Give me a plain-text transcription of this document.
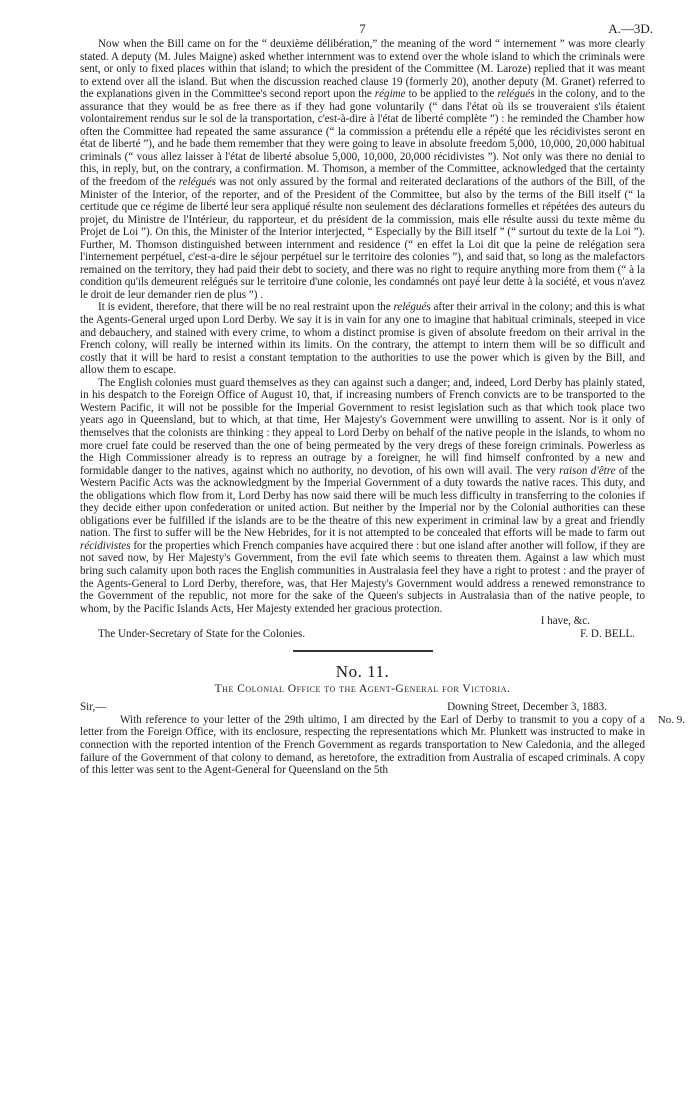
7	A.—3D.

Now when the Bill came on for the “ deuxième délibération,” the meaning of the word “ internement ” was more clearly stated. A deputy (M. Jules Maigne) asked whether internment was to extend over the whole island to which the criminals were sent, or only to fixed places within that island; to which the president of the Committee (M. Laroze) replied that it was meant to extend over all the island. But when the discussion reached clause 19 (formerly 20), another deputy (M. Granet) referred to the explanations given in the Committee's second report upon the régime to be applied to the relégués in the colony, and to the assurance that they would be as free there as if they had gone voluntarily (“ dans l'état où ils se trouveraient s'ils étaient volontairement rendus sur le sol de la transportation, c'est-à-dire à l'état de liberté complète ”) : he reminded the Chamber how often the Committee had repeated the same assurance (“ la commission a prétendu elle a répété que les récidivistes seront en état de liberté ”), and he bade them remember that they were going to leave in absolute freedom 5,000, 10,000, 20,000 habitual criminals (“ vous allez laisser à l'état de liberté absolue 5,000, 10,000, 20,000 récidivistes ”). Not only was there no denial to this, in reply, but, on the contrary, a confirmation. M. Thomson, a member of the Committee, acknowledged that the certainty of the freedom of the relégués was not only assured by the formal and reiterated declarations of the authors of the Bill, of the Minister of the Interior, of the reporter, and of the President of the Committee, but also by the terms of the Bill itself (“ la certitude que ce régime de liberté leur sera appliqué résulte non seulement des déclarations formelles et répétées des auteurs du projet, du Ministre de l'Intérieur, du rapporteur, et du président de la commission, mais elle résulte aussi du texte même du Projet de Loi ”). On this, the Minister of the Interior interjected, “ Especially by the Bill itself ” (“ surtout du texte de la Loi ”). Further, M. Thomson distinguished between internment and residence (“ en effet la Loi dit que la peine de relégation sera l'internement perpétuel, c'est-a-dire le séjour perpétuel sur le territoire des colonies ”), and said that, so long as the malefactors remained on the territory, they had paid their debt to society, and there was no right to require anything more from them (“ à la condition qu'ils demeurent relégués sur le territoire d'une colonie, les condamnés ont payé leur dette à la société, et vous n'avez le droit de leur demander rien de plus ”) .

It is evident, therefore, that there will be no real restraint upon the relégués after their arrival in the colony; and this is what the Agents-General urged upon Lord Derby. We say it is in vain for any one to imagine that habitual criminals, steeped in vice and debauchery, and stained with every crime, to whom a distinct promise is given of absolute freedom on their arrival in the French colony, will really be interned within its limits. On the contrary, the attempt to intern them will be so difficult and costly that it will be hard to resist a constant temptation to the authorities to use the power which is given by the Bill, and allow them to escape.

The English colonies must guard themselves as they can against such a danger; and, indeed, Lord Derby has plainly stated, in his despatch to the Foreign Office of August 10, that, if increasing numbers of French convicts are to be transported to the Western Pacific, it will not be possible for the Imperial Government to resist legislation such as that which took place two years ago in Queensland, but to which, at that time, Her Majesty's Government were unwilling to assent. Nor is it only of themselves that the colonists are thinking : they appeal to Lord Derby on behalf of the native people in the islands, to whom no more cruel fate could be reserved than the one of being permeated by the very dregs of these foreign criminals. Powerless as the High Commissioner already is to repress an outrage by a foreigner, he will find himself confronted by a new and formidable danger to the natives, against which no authority, no devotion, of his own will avail. The very raison d'être of the Western Pacific Acts was the acknowledgment by the Imperial Government of a duty towards the native races. This duty, and the obligations which flow from it, Lord Derby has now said there will be much less difficulty in transferring to the colonies if they decide either upon confederation or united action. But neither by the Imperial nor by the Colonial authorities can these obligations ever be fulfilled if the islands are to be the theatre of this new experiment in criminal law by a great and friendly nation. The first to suffer will be the New Hebrides, for it is not attempted to be concealed that efforts will be made to farm out récidivistes for the properties which French companies have acquired there : but one island after another will follow, if they are not saved now, by Her Majesty's Government, from the evil fate which seems to threaten them. Against a law which must bring such calamity upon both races the English communities in Australasia feel they have a right to protest : and the prayer of the Agents-General to Lord Derby, therefore, was, that Her Majesty's Government would address a renewed remonstrance to the Government of the republic, not more for the sake of the Queen's subjects in Australasia than of the native people, to whom, by the Pacific Islands Acts, Her Majesty extended her gracious protection.

I have, &c.

The Under-Secretary of State for the Colonies.	F. D. BELL.

No. 11.

The Colonial Office to the Agent-General for Victoria.

Sir,—	Downing Street, December 3, 1883.

No. 9.
With reference to your letter of the 29th ultimo, I am directed by the Earl of Derby to transmit to you a copy of a letter from the Foreign Office, with its enclosure, respecting the representations which Mr. Plunkett was instructed to make in connection with the reported intention of the French Government as regards transportation to New Caledonia, and the alleged failure of the Government of that colony to demand, as heretofore, the extradition from Australia of escaped criminals. A copy of this letter was sent to the Agent-General for Queensland on the 5th
